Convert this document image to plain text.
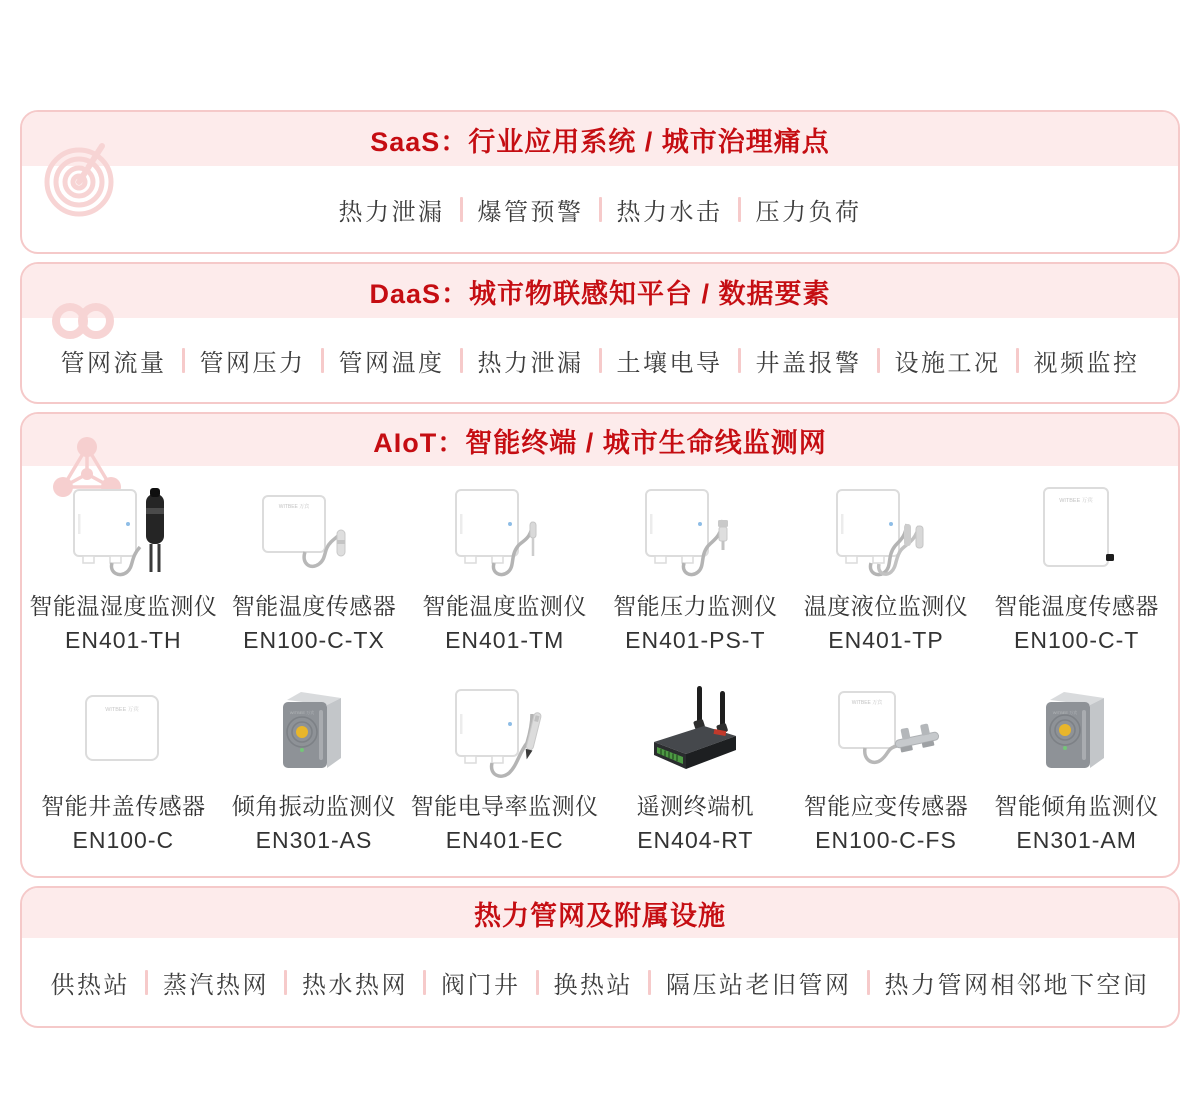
SaaS：行业应用系统 / 城市治理痛点
热力泄漏	爆管预警	热力水击	压力负荷
DaaS：城市物联感知平台 / 数据要素
管网流量	管网压力	管网温度	热力泄漏	土壤电导	井盖报警	设施工况	视频监控
AIoT：智能终端 / 城市生命线监测网
智能温湿度监测仪
EN401-TH
WITBEE 万宾
智能温度传感器
EN100-C-TX
智能温度监测仪
EN401-TM
智能压力监测仪
EN401-PS-T
温度液位监测仪
EN401-TP
WITBEE 万宾
智能温度传感器
EN100-C-T
WITBEE 万宾
智能井盖传感器
EN100-C
WITBEE 万宾
倾角振动监测仪
EN301-AS
智能电导率监测仪
EN401-EC
遥测终端机
EN404-RT
WITBEE 万宾
智能应变传感器
EN100-C-FS
WITBEE 万宾
智能倾角监测仪
EN301-AM
热力管网及附属设施
供热站	蒸汽热网	热水热网	阀门井	换热站	隔压站老旧管网	热力管网相邻地下空间
